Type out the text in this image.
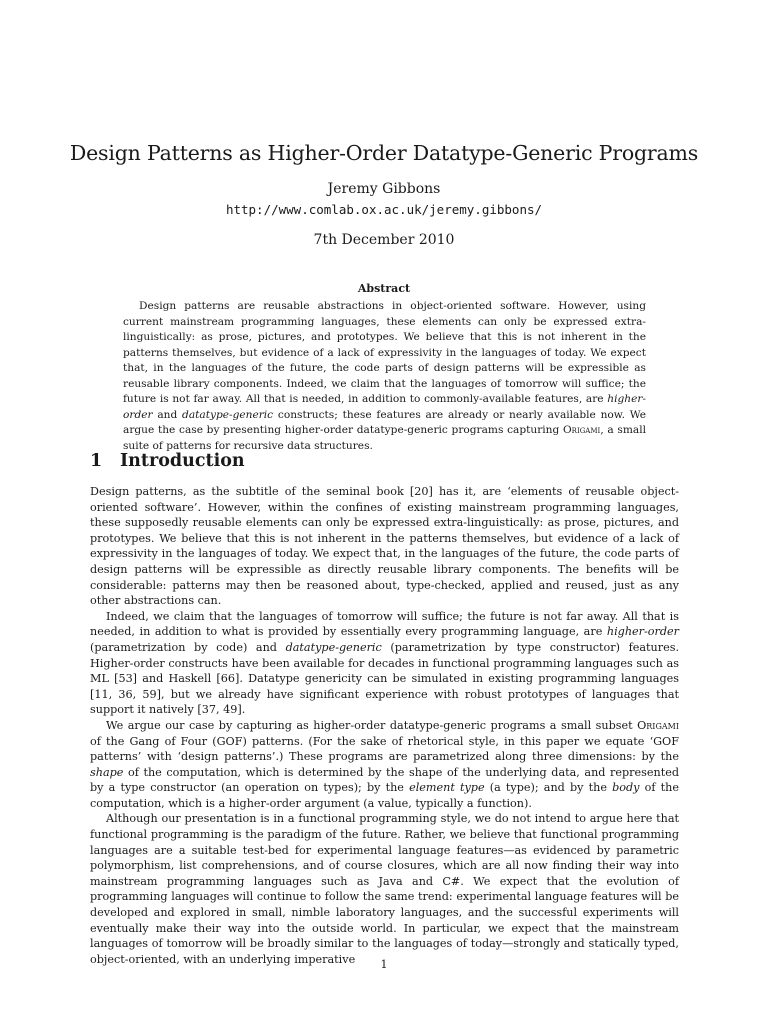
Design Patterns as Higher-Order Datatype-Generic Programs
Jeremy Gibbons
http://www.comlab.ox.ac.uk/jeremy.gibbons/
7th December 2010
Abstract
Design patterns are reusable abstractions in object-oriented software. However, using current mainstream programming languages, these elements can only be expressed extra-linguistically: as prose, pictures, and prototypes. We believe that this is not inherent in the patterns themselves, but evidence of a lack of expressivity in the languages of today. We expect that, in the languages of the future, the code parts of design patterns will be expressible as reusable library components. Indeed, we claim that the languages of tomorrow will suffice; the future is not far away. All that is needed, in addition to commonly-available features, are higher-order and datatype-generic constructs; these features are already or nearly available now. We argue the case by presenting higher-order datatype-generic programs capturing Origami, a small suite of patterns for recursive data structures.
1 Introduction

Design patterns, as the subtitle of the seminal book [20] has it, are ‘elements of reusable object-oriented software’. However, within the confines of existing mainstream programming languages, these supposedly reusable elements can only be expressed extra-linguistically: as prose, pictures, and prototypes. We believe that this is not inherent in the patterns themselves, but evidence of a lack of expressivity in the languages of today. We expect that, in the languages of the future, the code parts of design patterns will be expressible as directly reusable library components. The benefits will be considerable: patterns may then be reasoned about, type-checked, applied and reused, just as any other abstractions can.

Indeed, we claim that the languages of tomorrow will suffice; the future is not far away. All that is needed, in addition to what is provided by essentially every programming language, are higher-order (parametrization by code) and datatype-generic (parametrization by type constructor) features. Higher-order constructs have been available for decades in functional programming languages such as ML [53] and Haskell [66]. Datatype genericity can be simulated in existing programming languages [11, 36, 59], but we already have significant experience with robust prototypes of languages that support it natively [37, 49].

We argue our case by capturing as higher-order datatype-generic programs a small subset Origami of the Gang of Four (GOF) patterns. (For the sake of rhetorical style, in this paper we equate ‘GOF patterns’ with ‘design patterns’.) These programs are parametrized along three dimensions: by the shape of the computation, which is determined by the shape of the underlying data, and represented by a type constructor (an operation on types); by the element type (a type); and by the body of the computation, which is a higher-order argument (a value, typically a function).

Although our presentation is in a functional programming style, we do not intend to argue here that functional programming is the paradigm of the future. Rather, we believe that functional programming languages are a suitable test-bed for experimental language features—as evidenced by parametric polymorphism, list comprehensions, and of course closures, which are all now finding their way into mainstream programming languages such as Java and C#. We expect that the evolution of programming languages will continue to follow the same trend: experimental language features will be developed and explored in small, nimble laboratory languages, and the successful experiments will eventually make their way into the outside world. In particular, we expect that the mainstream languages of tomorrow will be broadly similar to the languages of today—strongly and statically typed, object-oriented, with an underlying imperative	1
